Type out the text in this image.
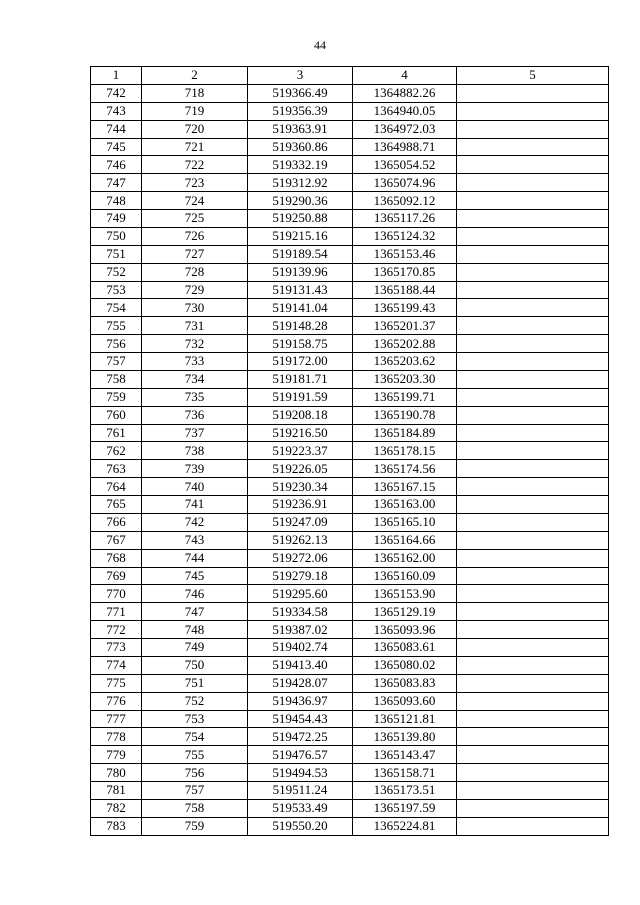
44
1	2	3	4	5
742	718	519366.49	1364882.26	
743	719	519356.39	1364940.05	
744	720	519363.91	1364972.03	
745	721	519360.86	1364988.71	
746	722	519332.19	1365054.52	
747	723	519312.92	1365074.96	
748	724	519290.36	1365092.12	
749	725	519250.88	1365117.26	
750	726	519215.16	1365124.32	
751	727	519189.54	1365153.46	
752	728	519139.96	1365170.85	
753	729	519131.43	1365188.44	
754	730	519141.04	1365199.43	
755	731	519148.28	1365201.37	
756	732	519158.75	1365202.88	
757	733	519172.00	1365203.62	
758	734	519181.71	1365203.30	
759	735	519191.59	1365199.71	
760	736	519208.18	1365190.78	
761	737	519216.50	1365184.89	
762	738	519223.37	1365178.15	
763	739	519226.05	1365174.56	
764	740	519230.34	1365167.15	
765	741	519236.91	1365163.00	
766	742	519247.09	1365165.10	
767	743	519262.13	1365164.66	
768	744	519272.06	1365162.00	
769	745	519279.18	1365160.09	
770	746	519295.60	1365153.90	
771	747	519334.58	1365129.19	
772	748	519387.02	1365093.96	
773	749	519402.74	1365083.61	
774	750	519413.40	1365080.02	
775	751	519428.07	1365083.83	
776	752	519436.97	1365093.60	
777	753	519454.43	1365121.81	
778	754	519472.25	1365139.80	
779	755	519476.57	1365143.47	
780	756	519494.53	1365158.71	
781	757	519511.24	1365173.51	
782	758	519533.49	1365197.59	
783	759	519550.20	1365224.81	
